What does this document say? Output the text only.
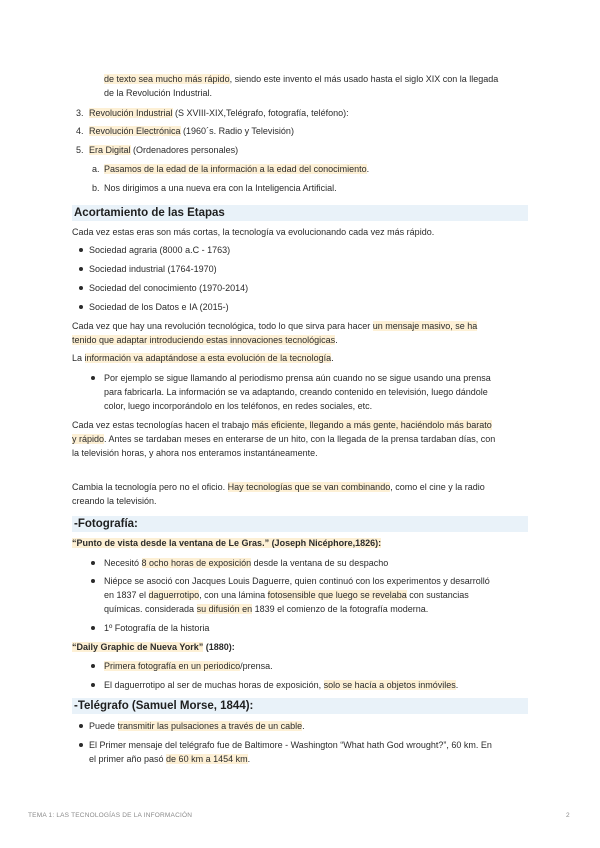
de texto sea mucho más rápido, siendo este invento el más usado hasta el siglo XIX con la llegada

de la Revolución Industrial.

3. Revolución Industrial (S XVIII-XIX,Telégrafo, fotografía, teléfono):

4. Revolución Electrónica (1960´s. Radio y Televisión)

5. Era Digital (Ordenadores personales)

a. Pasamos de la edad de la información a la edad del conocimiento.

b. Nos dirigimos a una nueva era con la Inteligencia Artificial.

Acortamiento de las Etapas

Cada vez estas eras son más cortas, la tecnología va evolucionando cada vez más rápido.

Sociedad agraria (8000 a.C - 1763)

Sociedad industrial (1764-1970)

Sociedad del conocimiento (1970-2014)

Sociedad de los Datos e IA (2015-)

Cada vez que hay una revolución tecnológica, todo lo que sirva para hacer un mensaje masivo, se ha

tenido que adaptar introduciendo estas innovaciones tecnológicas.

La información va adaptándose a esta evolución de la tecnología.

Por ejemplo se sigue llamando al periodismo prensa aún cuando no se sigue usando una prensa

para fabricarla. La información se va adaptando, creando contenido en televisión, luego dándole

color, luego incorporándolo en los teléfonos, en redes sociales, etc.

Cada vez estas tecnologías hacen el trabajo más eficiente, llegando a más gente, haciéndolo más barato

y rápido. Antes se tardaban meses en enterarse de un hito, con la llegada de la prensa tardaban días, con

la televisión horas, y ahora nos enteramos instantáneamente.

Cambia la tecnología pero no el oficio. Hay tecnologías que se van combinando, como el cine y la radio

creando la televisión.

-Fotografía:

“Punto de vista desde la ventana de Le Gras.” (Joseph Nicéphore,1826):

Necesitó 8 ocho horas de exposición desde la ventana de su despacho

Niépce se asoció con Jacques Louis Daguerre, quien continuó con los experimentos y desarrolló

en 1837 el daguerrotipo, con una lámina fotosensible que luego se revelaba con sustancias

químicas. considerada su difusión en 1839 el comienzo de la fotografía moderna.

1º Fotografía de la historia

“Daily Graphic de Nueva York” (1880):

Primera fotografía en un periodico/prensa.

El daguerrotipo al ser de muchas horas de exposición, solo se hacía a objetos inmóviles.

-Telégrafo (Samuel Morse, 1844):

Puede transmitir las pulsaciones a través de un cable.

El Primer mensaje del telégrafo fue de Baltimore - Washington “What hath God wrought?”, 60 km. En

el primer año pasó de 60 km a 1454 km.

TEMA 1: LAS TECNOLOGÍAS DE LA INFORMACIÓN	2
